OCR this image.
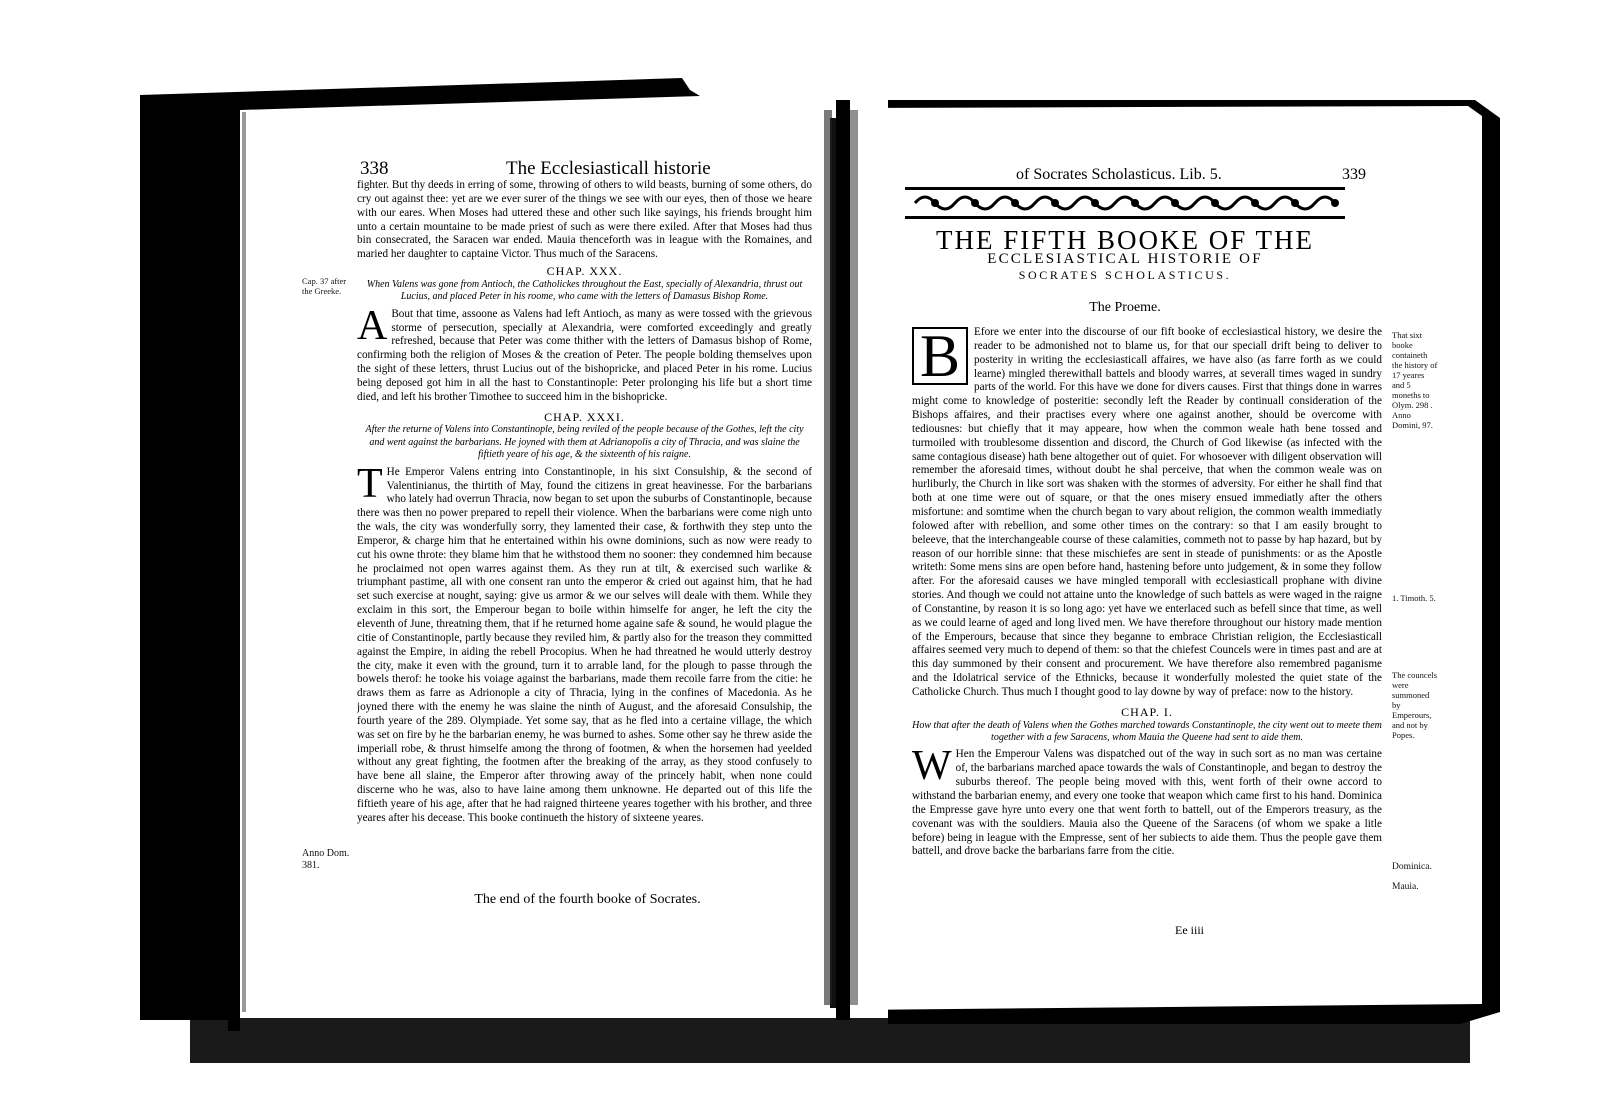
338	The Ecclesiasticall historie
Cap. 37 after the Greeke.
Anno Dom. 381.

fighter. But thy deeds in erring of some, throwing of others to wild beasts, burning of some others, do cry out against thee: yet are we ever surer of the things we see with our eyes, then of those we heare with our eares. When Moses had uttered these and other such like sayings, his friends brought him unto a certain mountaine to be made priest of such as were there exiled. After that Moses had thus bin consecrated, the Saracen war ended. Mauia thenceforth was in league with the Romaines, and maried her daughter to captaine Victor. Thus much of the Saracens.

CHAP. XXX.

When Valens was gone from Antioch, the Catholickes throughout the East, specially of Alexandria, thrust out Lucius, and placed Peter in his roome, who came with the letters of Damasus Bishop Rome.

A Bout that time, assoone as Valens had left Antioch, as many as were tossed with the grievous storme of persecution, specially at Alexandria, were comforted exceedingly and greatly refreshed, because that Peter was come thither with the letters of Damasus bishop of Rome, confirming both the religion of Moses & the creation of Peter. The people bolding themselves upon the sight of these letters, thrust Lucius out of the bishopricke, and placed Peter in his rome. Lucius being deposed got him in all the hast to Constantinople: Peter prolonging his life but a short time died, and left his brother Timothee to succeed him in the bishopricke.

CHAP. XXXI.

After the returne of Valens into Constantinople, being reviled of the people because of the Gothes, left the city and went against the barbarians. He joyned with them at Adrianopolis a city of Thracia, and was slaine the fiftieth yeare of his age, & the sixteenth of his raigne.

T He Emperor Valens entring into Constantinople, in his sixt Consulship, & the second of Valentinianus, the thirtith of May, found the citizens in great heavinesse. For the barbarians who lately had overrun Thracia, now began to set upon the suburbs of Constantinople, because there was then no power prepared to repell their violence. When the barbarians were come nigh unto the wals, the city was wonderfully sorry, they lamented their case, & forthwith they step unto the Emperor, & charge him that he entertained within his owne dominions, such as now were ready to cut his owne throte: they blame him that he withstood them no sooner: they condemned him because he proclaimed not open warres against them. As they run at tilt, & exercised such warlike & triumphant pastime, all with one consent ran unto the emperor & cried out against him, that he had set such exercise at nought, saying: give us armor & we our selves will deale with them. While they exclaim in this sort, the Emperour began to boile within himselfe for anger, he left the city the eleventh of June, threatning them, that if he returned home againe safe & sound, he would plague the citie of Constantinople, partly because they reviled him, & partly also for the treason they committed against the Empire, in aiding the rebell Procopius. When he had threatned he would utterly destroy the city, make it even with the ground, turn it to arrable land, for the plough to passe through the bowels therof: he tooke his voiage against the barbarians, made them recoile farre from the citie: he draws them as farre as Adrionople a city of Thracia, lying in the confines of Macedonia. As he joyned there with the enemy he was slaine the ninth of August, and the aforesaid Consulship, the fourth yeare of the 289. Olympiade. Yet some say, that as he fled into a certaine village, the which was set on fire by he the barbarian enemy, he was burned to ashes. Some other say he threw aside the imperiall robe, & thrust himselfe among the throng of footmen, & when the horsemen had yeelded without any great fighting, the footmen after the breaking of the array, as they stood confusely to have bene all slaine, the Emperor after throwing away of the princely habit, when none could discerne who he was, also to have laine among them unknowne. He departed out of this life the fiftieth yeare of his age, after that he had raigned thirteene yeares together with his brother, and three yeares after his decease. This booke continueth the history of sixteene yeares.

The end of the fourth booke of Socrates.
of Socrates Scholasticus. Lib. 5.	339
THE FIFTH BOOKE OF THE
ECCLESIASTICAL HISTORIE OF
SOCRATES SCHOLASTICUS.
The Proeme.
That sixt booke containeth the history of 17 yeares and 5 moneths to Olym. 298 . Anno Domini, 97.
1. Timoth. 5.
The councels were summoned by Emperours, and not by Popes.
Dominica.
Mauia.

B	Efore we enter into the discourse of our fift booke of ecclesiastical history, we desire the reader to be admonished not to blame us, for that our speciall drift being to deliver to posterity in writing the ecclesiasticall affaires, we have also (as farre forth as we could learne) mingled therewithall battels and bloody warres, at severall times waged in sundry parts of the world. For this have we done for divers causes. First that things done in warres might come to knowledge of posteritie: secondly left the Reader by continuall consideration of the Bishops affaires, and their practises every where one against another, should be overcome with tediousnes: but chiefly that it may appeare, how when the common weale hath bene tossed and turmoiled with troublesome dissention and discord, the Church of God likewise (as infected with the same contagious disease) hath bene altogether out of quiet. For whosoever with diligent observation will remember the aforesaid times, without doubt he shal perceive, that when the common weale was on hurliburly, the Church in like sort was shaken with the stormes of adversity. For either he shall find that both at one time were out of square, or that the ones misery ensued immediatly after the others misfortune: and somtime when the church began to vary about religion, the common wealth immediatly folowed after with rebellion, and some other times on the contrary: so that I am easily brought to beleeve, that the interchangeable course of these calamities, commeth not to passe by hap hazard, but by reason of our horrible sinne: that these mischiefes are sent in steade of punishments: or as the Apostle writeth: Some mens sins are open before hand, hastening before unto judgement, & in some they follow after. For the aforesaid causes we have mingled temporall with ecclesiasticall prophane with divine stories. And though we could not attaine unto the knowledge of such battels as were waged in the raigne of Constantine, by reason it is so long ago: yet have we enterlaced such as befell since that time, as well as we could learne of aged and long lived men. We have therefore throughout our history made mention of the Emperours, because that since they beganne to embrace Christian religion, the Ecclesiasticall affaires seemed very much to depend of them: so that the chiefest Councels were in times past and are at this day summoned by their consent and procurement. We have therefore also remembred paganisme and the Idolatrical service of the Ethnicks, because it wonderfully molested the quiet state of the Catholicke Church. Thus much I thought good to lay downe by way of preface: now to the history.

CHAP. I.

How that after the death of Valens when the Gothes marched towards Constantinople, the city went out to meete them together with a few Saracens, whom Mauia the Queene had sent to aide them.

W Hen the Emperour Valens was dispatched out of the way in such sort as no man was certaine of, the barbarians marched apace towards the wals of Constantinople, and began to destroy the suburbs thereof. The people being moved with this, went forth of their owne accord to withstand the barbarian enemy, and every one tooke that weapon which came first to his hand. Dominica the Empresse gave hyre unto every one that went forth to battell, out of the Emperors treasury, as the covenant was with the souldiers. Mauia also the Queene of the Saracens (of whom we spake a litle before) being in league with the Empresse, sent of her subiects to aide them. Thus the people gave them battell, and drove backe the barbarians farre from the citie.

Ee iiii
